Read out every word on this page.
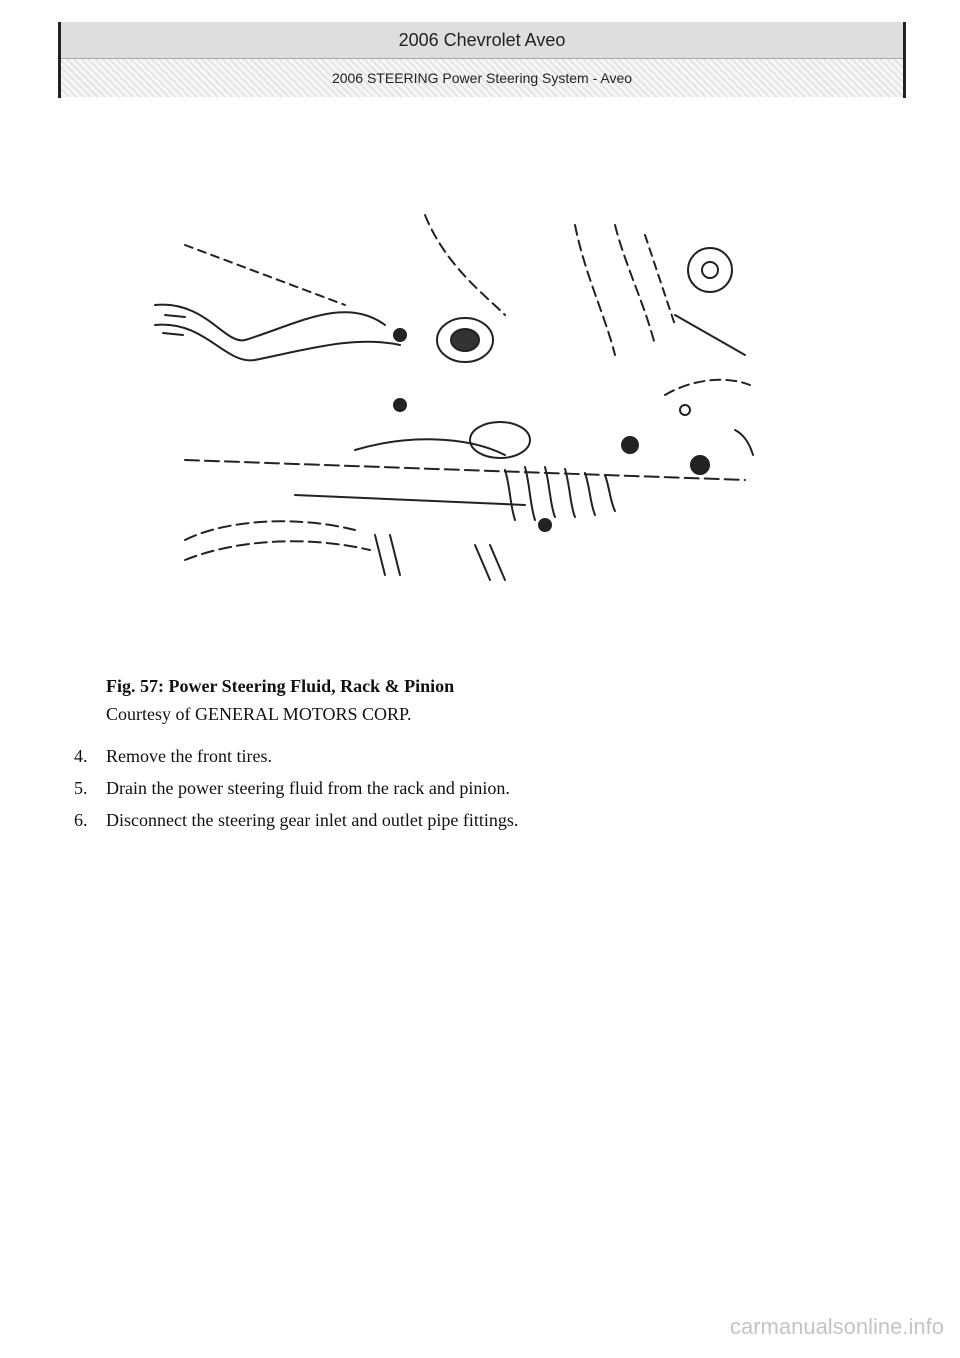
2006 Chevrolet Aveo
2006 STEERING Power Steering System - Aveo
Fig. 57: Power Steering Fluid, Rack & Pinion
Courtesy of GENERAL MOTORS CORP.
4.	Remove the front tires.
5.	Drain the power steering fluid from the rack and pinion.
6.	Disconnect the steering gear inlet and outlet pipe fittings.
carmanualsonline.info
